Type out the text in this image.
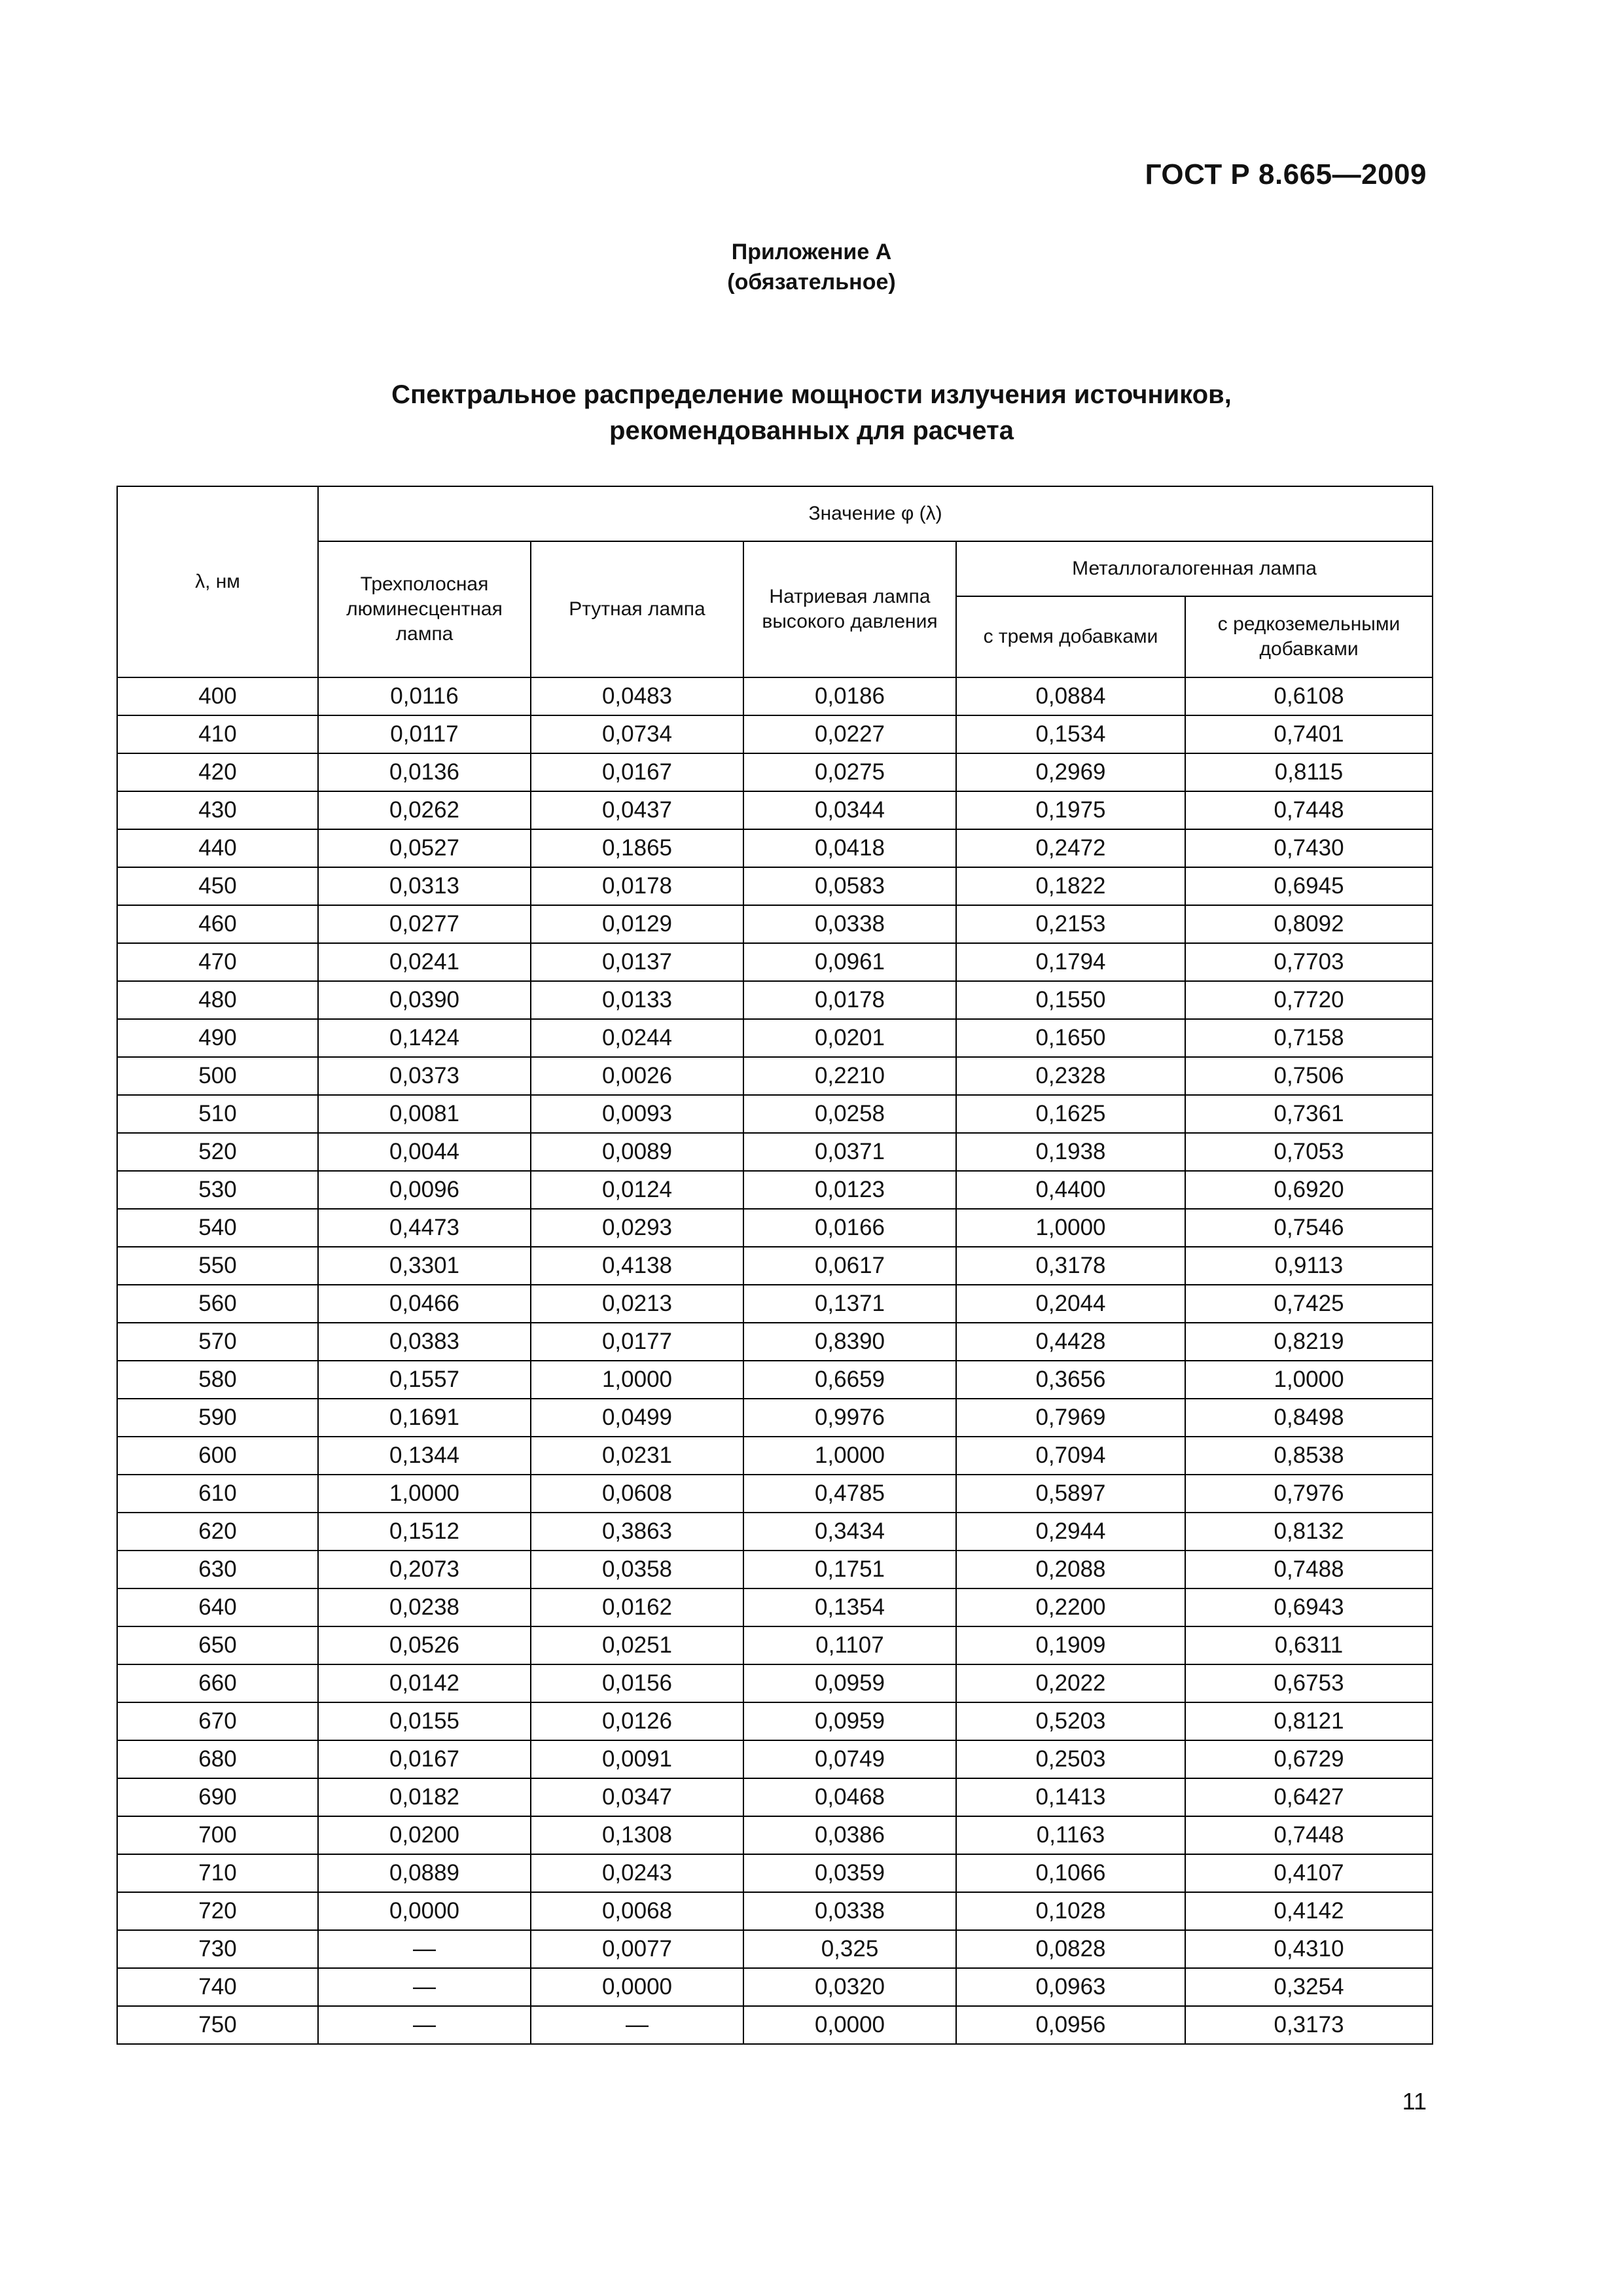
ГОСТ Р 8.665—2009
Приложение А
(обязательное)
Спектральное распределение мощности излучения источников,
рекомендованных для расчета
λ, нм	Значение φ (λ)				
	Трехполосная люминесцентная лампа	Ртутная лампа	Натриевая лампа высокого давления	Металлогалогенная лампа	
				с тремя добавками	с редкоземельными добавками
400	0,0116	0,0483	0,0186	0,0884	0,6108
410	0,0117	0,0734	0,0227	0,1534	0,7401
420	0,0136	0,0167	0,0275	0,2969	0,8115
430	0,0262	0,0437	0,0344	0,1975	0,7448
440	0,0527	0,1865	0,0418	0,2472	0,7430
450	0,0313	0,0178	0,0583	0,1822	0,6945
460	0,0277	0,0129	0,0338	0,2153	0,8092
470	0,0241	0,0137	0,0961	0,1794	0,7703
480	0,0390	0,0133	0,0178	0,1550	0,7720
490	0,1424	0,0244	0,0201	0,1650	0,7158
500	0,0373	0,0026	0,2210	0,2328	0,7506
510	0,0081	0,0093	0,0258	0,1625	0,7361
520	0,0044	0,0089	0,0371	0,1938	0,7053
530	0,0096	0,0124	0,0123	0,4400	0,6920
540	0,4473	0,0293	0,0166	1,0000	0,7546
550	0,3301	0,4138	0,0617	0,3178	0,9113
560	0,0466	0,0213	0,1371	0,2044	0,7425
570	0,0383	0,0177	0,8390	0,4428	0,8219
580	0,1557	1,0000	0,6659	0,3656	1,0000
590	0,1691	0,0499	0,9976	0,7969	0,8498
600	0,1344	0,0231	1,0000	0,7094	0,8538
610	1,0000	0,0608	0,4785	0,5897	0,7976
620	0,1512	0,3863	0,3434	0,2944	0,8132
630	0,2073	0,0358	0,1751	0,2088	0,7488
640	0,0238	0,0162	0,1354	0,2200	0,6943
650	0,0526	0,0251	0,1107	0,1909	0,6311
660	0,0142	0,0156	0,0959	0,2022	0,6753
670	0,0155	0,0126	0,0959	0,5203	0,8121
680	0,0167	0,0091	0,0749	0,2503	0,6729
690	0,0182	0,0347	0,0468	0,1413	0,6427
700	0,0200	0,1308	0,0386	0,1163	0,7448
710	0,0889	0,0243	0,0359	0,1066	0,4107
720	0,0000	0,0068	0,0338	0,1028	0,4142
730	—	0,0077	0,325	0,0828	0,4310
740	—	0,0000	0,0320	0,0963	0,3254
750	—	—	0,0000	0,0956	0,3173
11
